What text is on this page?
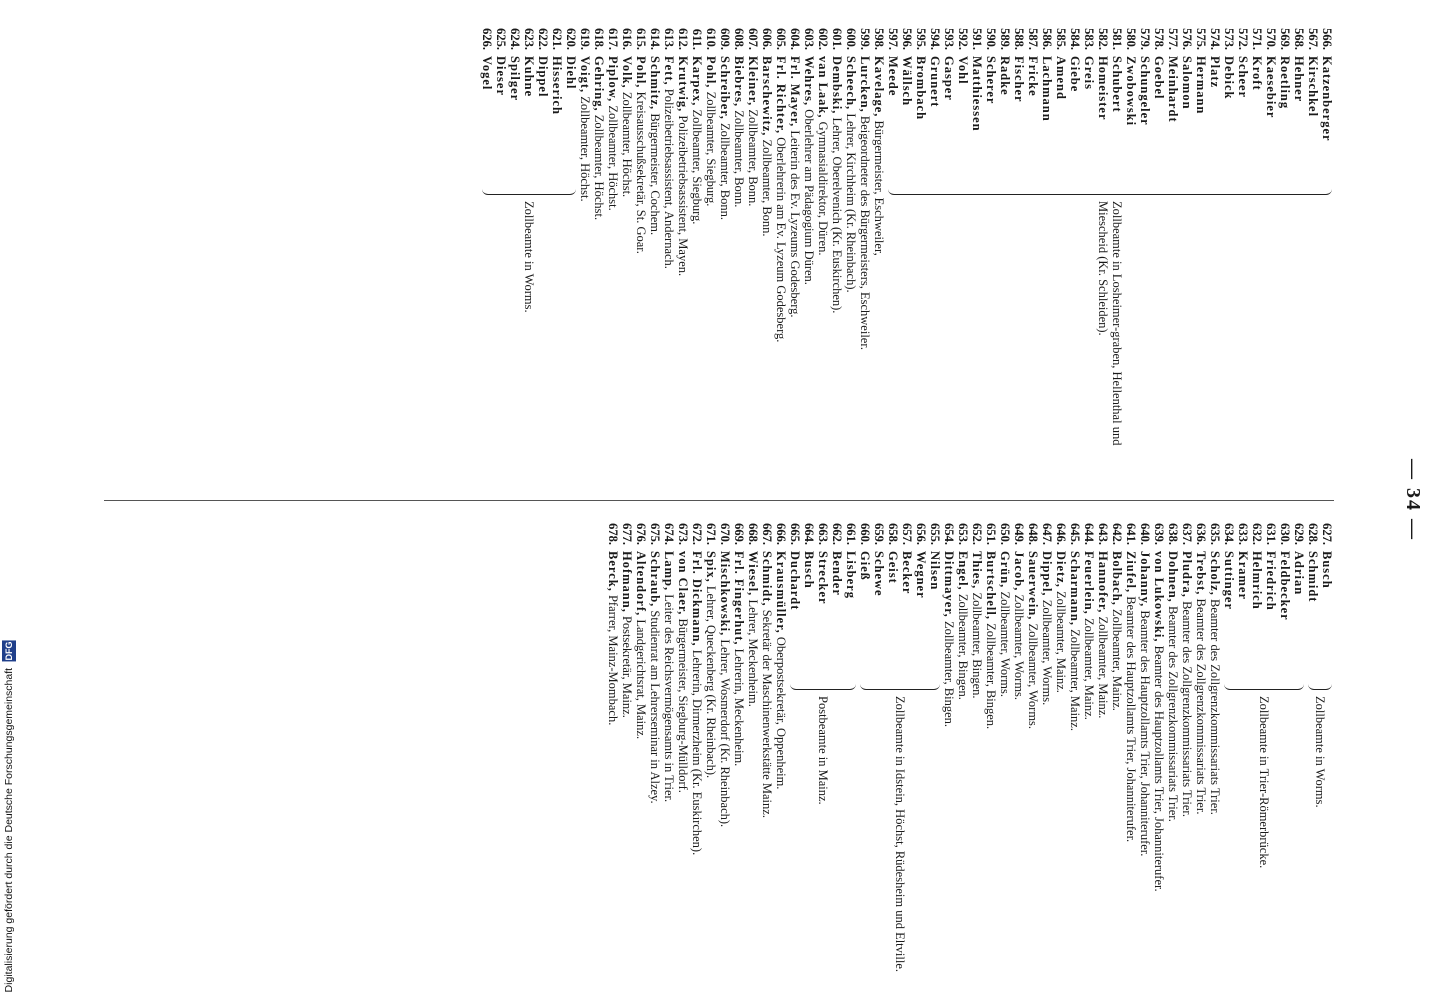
— 34 —
627.
Busch
628.
Schmidt
Zollbeamte in Worms.
629.
Adrian
630.
Feldbecker
631.
Friedrich
632.
Helmrich
633.
Kramer
634.
Suttinger
Zollbeamte in Trier-Römerbrücke.
635.
Scholz, Beamter des Zollgrenzkommissariats Trier.
636.
Trebst, Beamter des Zollgrenzkommissariats Trier.
637.
Pludra, Beamter des Zollgrenzkommissariats Trier.
638.
Dohnen, Beamter des Zollgrenzkommissariats Trier.
639.
von Lukowski, Beamter des Hauptzollamts Trier, Johanniterufer.
640.
Johanny, Beamter des Hauptzollamts Trier, Johanniterufer.
641.
Ziufel, Beamter des Hauptzollamts Trier, Johanniterufer.
642.
Bolbach, Zollbeamter, Mainz.
643.
Hannofer, Zollbeamter, Mainz.
644.
Feuerlein, Zollbeamter, Mainz.
645.
Scharmann, Zollbeamter, Mainz.
646.
Dietz, Zollbeamter, Mainz.
647.
Dippel, Zollbeamter, Worms.
648.
Sauerwein, Zollbeamter, Worms.
649.
Jacob, Zollbeamter, Worms.
650.
Grün, Zollbeamter, Worms.
651.
Burtschell, Zollbeamter, Bingen.
652.
Thies, Zollbeamter, Bingen.
653.
Engel, Zollbeamter, Bingen.
654.
Dittmayer, Zollbeamter, Bingen.
655.
Nilsen
656.
Wegner
657.
Becker
658.
Geist
659.
Schewe
660.
Gieß
Zollbeamte in Idstein, Höchst, Rüdesheim und Eltville.
661.
Lisberg
662.
Bender
663.
Strecker
664.
Busch
665.
Duchardt
Postbeamte in Mainz.
666.
Krausmüller, Oberpostsekretär, Oppenheim.
667.
Schmidt, Sekretär der Maschinenwerkstätte Mainz.
668.
Wiesel, Lehrer, Meckenheim.
669.
Frl. Fingerhut, Lehrerin, Meckenheim.
670.
Mischkowski, Lehrer, Wosmerdorf (Kr. Rheinbach).
671.
Spix, Lehrer, Queckenberg (Kr. Rheinbach).
672.
Frl. Dickmann, Lehrerin, Dirmerzheim (Kr. Euskirchen).
673.
von Claer, Bürgermeister, Siegburg-Mülldorf.
674.
Lamp, Leiter des Reichsvermögensamts in Trier.
675.
Schraub, Studienrat am Lehrerseminar in Alzey.
676.
Altendorf, Landgerichtsrat, Mainz.
677.
Hofmann, Postsekretär, Mainz.
678.
Berck, Pfarrer, Mainz-Mombach.
566.
Katzenberger
567.
Kirschkel
568.
Hehner
569.
Roetling
570.
Kaesebier
571.
Kroft
572.
Scheer
573.
Debick
574.
Platz
575.
Hermann
576.
Salomon
577.
Meinhardt
578.
Goebel
579.
Schungeler
580.
Zwobowski
581.
Schubert
582.
Homeister
583.
Greis
584.
Giebe
585.
Amend
586.
Lachmann
587.
Fricke
588.
Fischer
589.
Radke
590.
Scherer
591.
Matthiessen
592.
Vohl
593.
Gasper
594.
Grunert
595.
Brombach
596.
Wällsch
597.
Meede
Zollbeamte in Losheimer-graben, Hellenthal und Miescheid (Kr. Schleiden).
598.
Kavelage, Bürgermeister, Eschweiler,
599.
Lurcken, Beigeordneter des Bürgermeisters, Eschweiler.
600.
Scheech, Lehrer, Kirchheim (Kr. Rheinbach).
601.
Dembski, Lehrer, Oberelvenich (Kr. Euskirchen).
602.
van Laak, Gymnasialdirektor, Düren.
603.
Wehres, Oberlehrer am Pädagogium Düren.
604.
Frl. Mayer, Leiterin des Ev. Lyzeums Godesberg.
605.
Frl. Richter, Oberlehrerin am Ev. Lyzeum Godesberg.
606.
Barschewitz, Zollbeamter, Bonn.
607.
Kleiner, Zollbeamter, Bonn.
608.
Biebres, Zollbeamter, Bonn.
609.
Schreiber, Zollbeamter, Bonn.
610.
Pohl, Zollbeamter, Siegburg.
611.
Karpex, Zollbeamter, Siegburg.
612.
Krutwig, Polizeibetriebsassistent, Mayen.
613.
Fett, Polizeibetriebsassistent, Andernach.
614.
Schmitz, Bürgermeister, Cochem.
615.
Pohl, Kreisausschußsekretär, St. Goar.
616.
Volk, Zollbeamter, Höchst.
617.
Piplow, Zollbeamter, Höchst.
618.
Gehring, Zollbeamter, Höchst.
619.
Voigt, Zollbeamter, Höchst.
620.
Diehl
621.
Hisserich
622.
Dippel
623.
Kuhne
624.
Spilger
625.
Dieser
626.
Vogel
Zollbeamte in Worms.
Digitalisierung gefördert durch die Deutsche Forschungsgemeinschaft DFG
